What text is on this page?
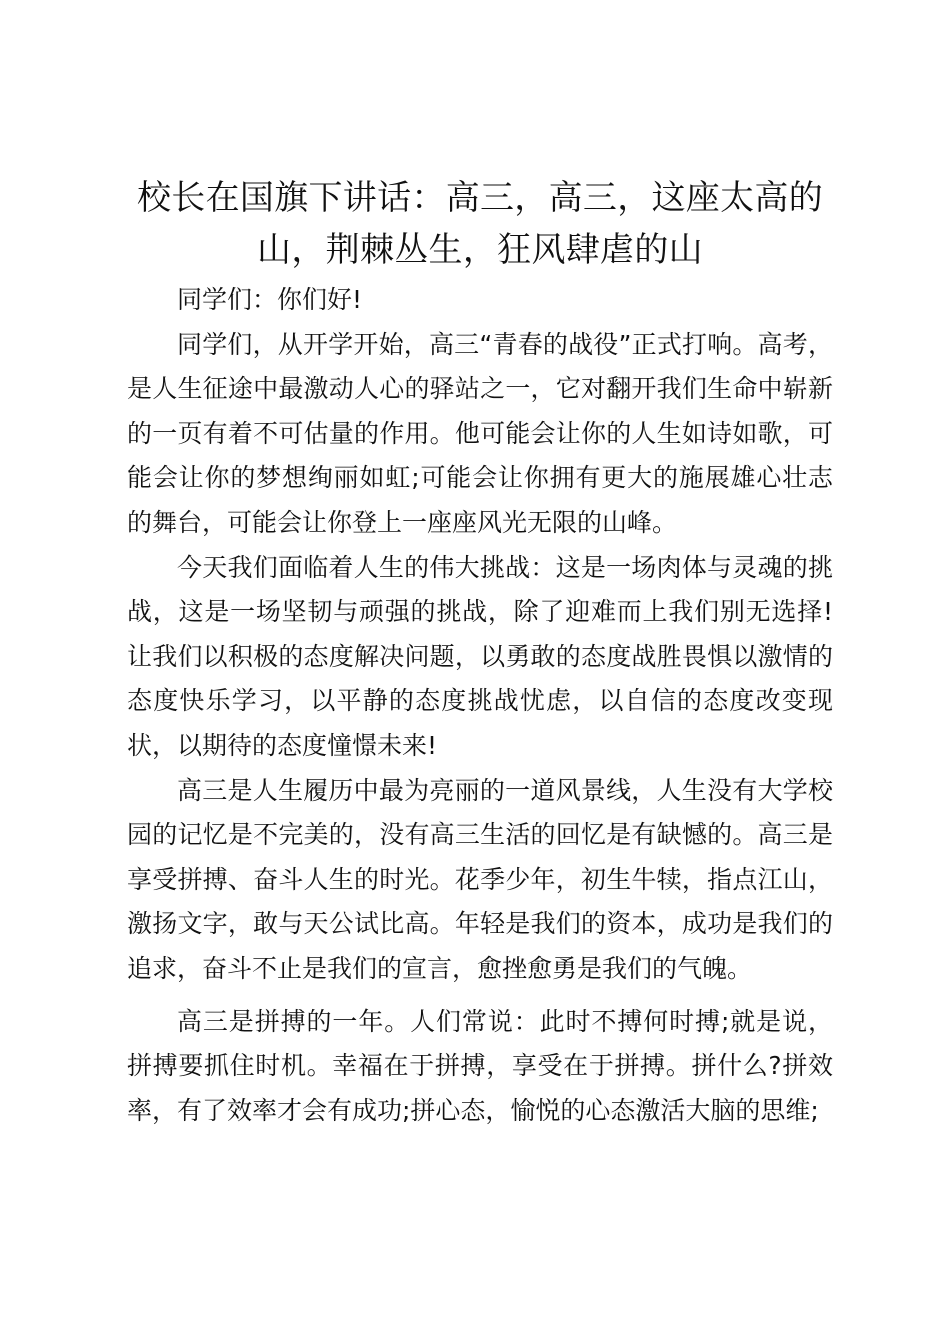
校长在国旗下讲话：高三，高三，这座太高的山，荆棘丛生，狂风肆虐的山

同学们：你们好!

同学们，从开学开始，高三“青春的战役”正式打响。高考，是人生征途中最激动人心的驿站之一，它对翻开我们生命中崭新的一页有着不可估量的作用。他可能会让你的人生如诗如歌，可能会让你的梦想绚丽如虹;可能会让你拥有更大的施展雄心壮志的舞台，可能会让你登上一座座风光无限的山峰。

今天我们面临着人生的伟大挑战：这是一场肉体与灵魂的挑战，这是一场坚韧与顽强的挑战，除了迎难而上我们别无选择!让我们以积极的态度解决问题，以勇敢的态度战胜畏惧以激情的态度快乐学习，以平静的态度挑战忧虑，以自信的态度改变现状，以期待的态度憧憬未来!

高三是人生履历中最为亮丽的一道风景线，人生没有大学校园的记忆是不完美的，没有高三生活的回忆是有缺憾的。高三是享受拼搏、奋斗人生的时光。花季少年，初生牛犊，指点江山，激扬文字，敢与天公试比高。年轻是我们的资本，成功是我们的追求，奋斗不止是我们的宣言，愈挫愈勇是我们的气魄。

高三是拼搏的一年。人们常说：此时不搏何时搏;就是说，拼搏要抓住时机。幸福在于拼搏，享受在于拼搏。拼什么?拼效率，有了效率才会有成功;拼心态，愉悦的心态激活大脑的思维;
